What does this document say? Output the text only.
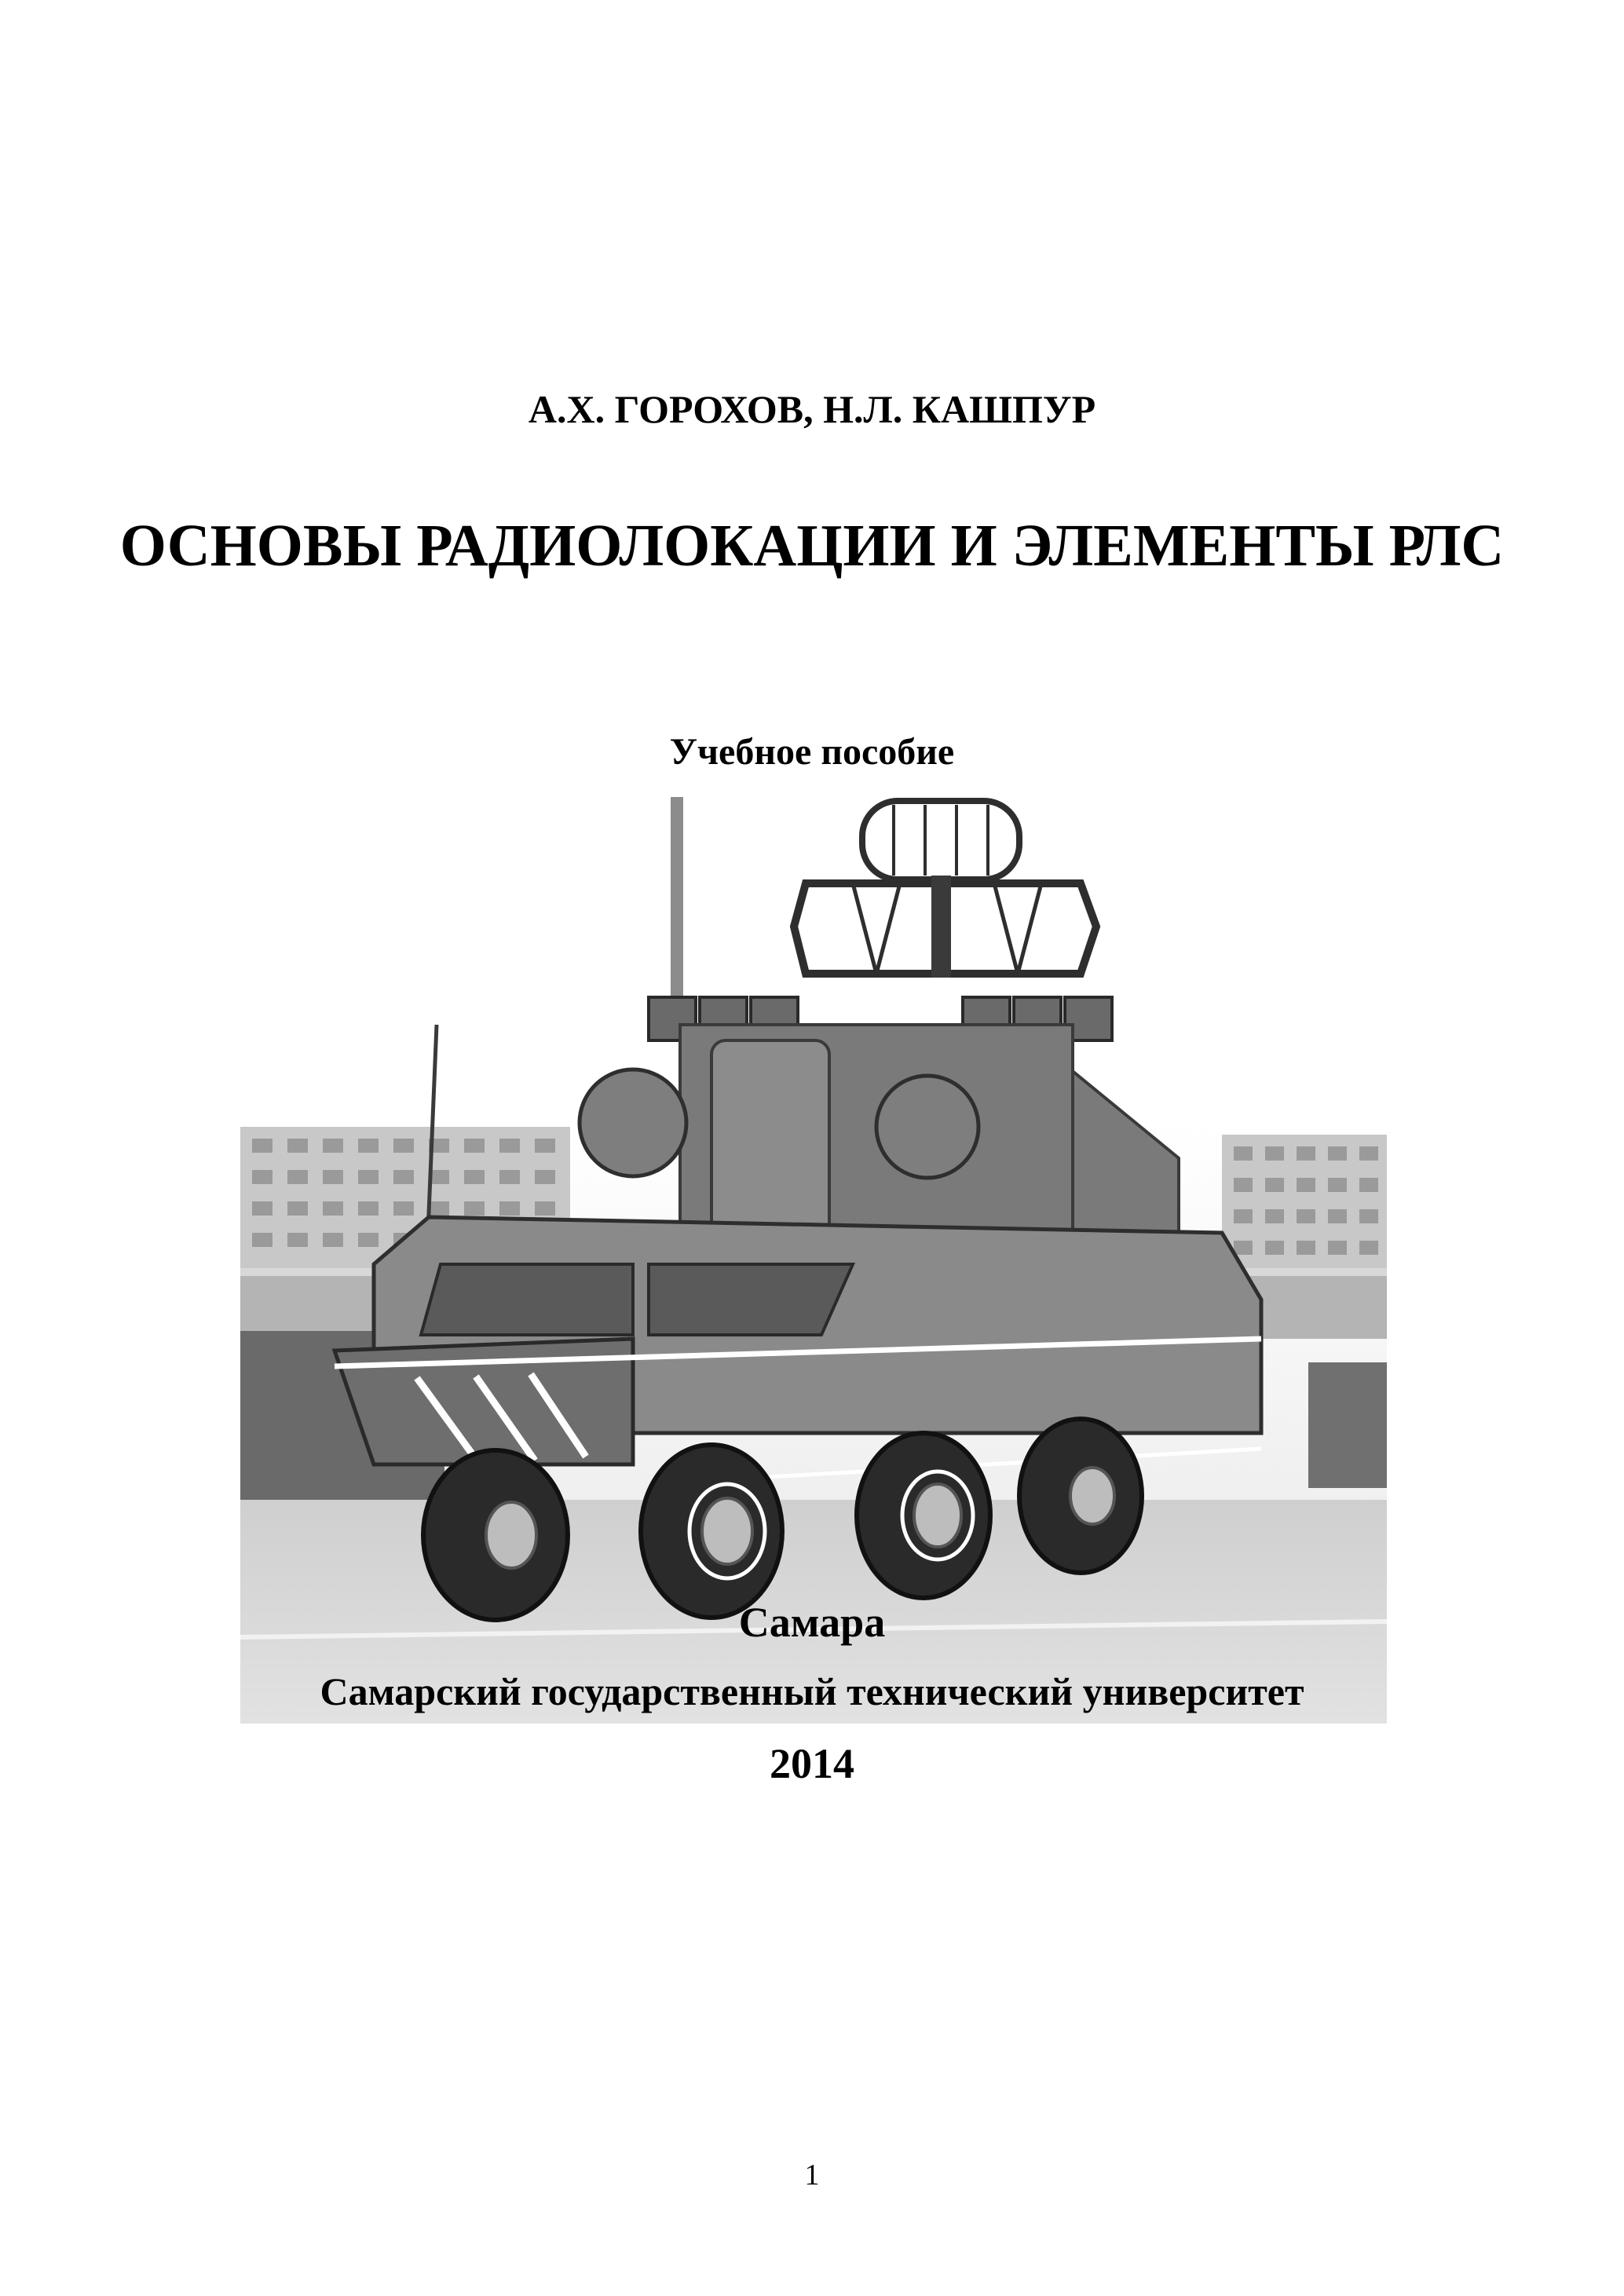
А.Х. ГОРОХОВ, Н.Л. КАШПУР
ОСНОВЫ РАДИОЛОКАЦИИ И ЭЛЕМЕНТЫ РЛС
Учебное пособие
Самара
Самарский государственный технический университет
2014
1
